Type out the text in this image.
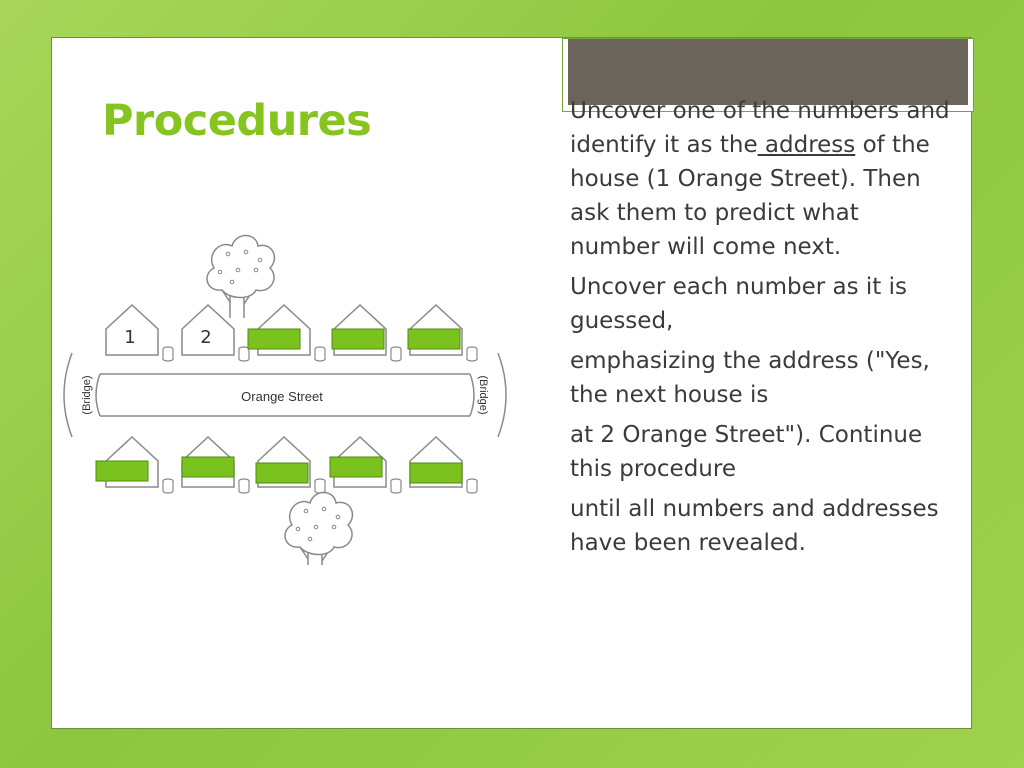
Procedures	Uncover one of the numbers and identify it as the address of the house (1 Orange Street). Then ask them to predict what number will come next.

Uncover each number as it is guessed,

emphasizing the address ("Yes, the next house is

at 2 Orange Street"). Continue this procedure

until all numbers and addresses have been revealed.

1	2
Orange Street
(Bridge)	(Bridge)
